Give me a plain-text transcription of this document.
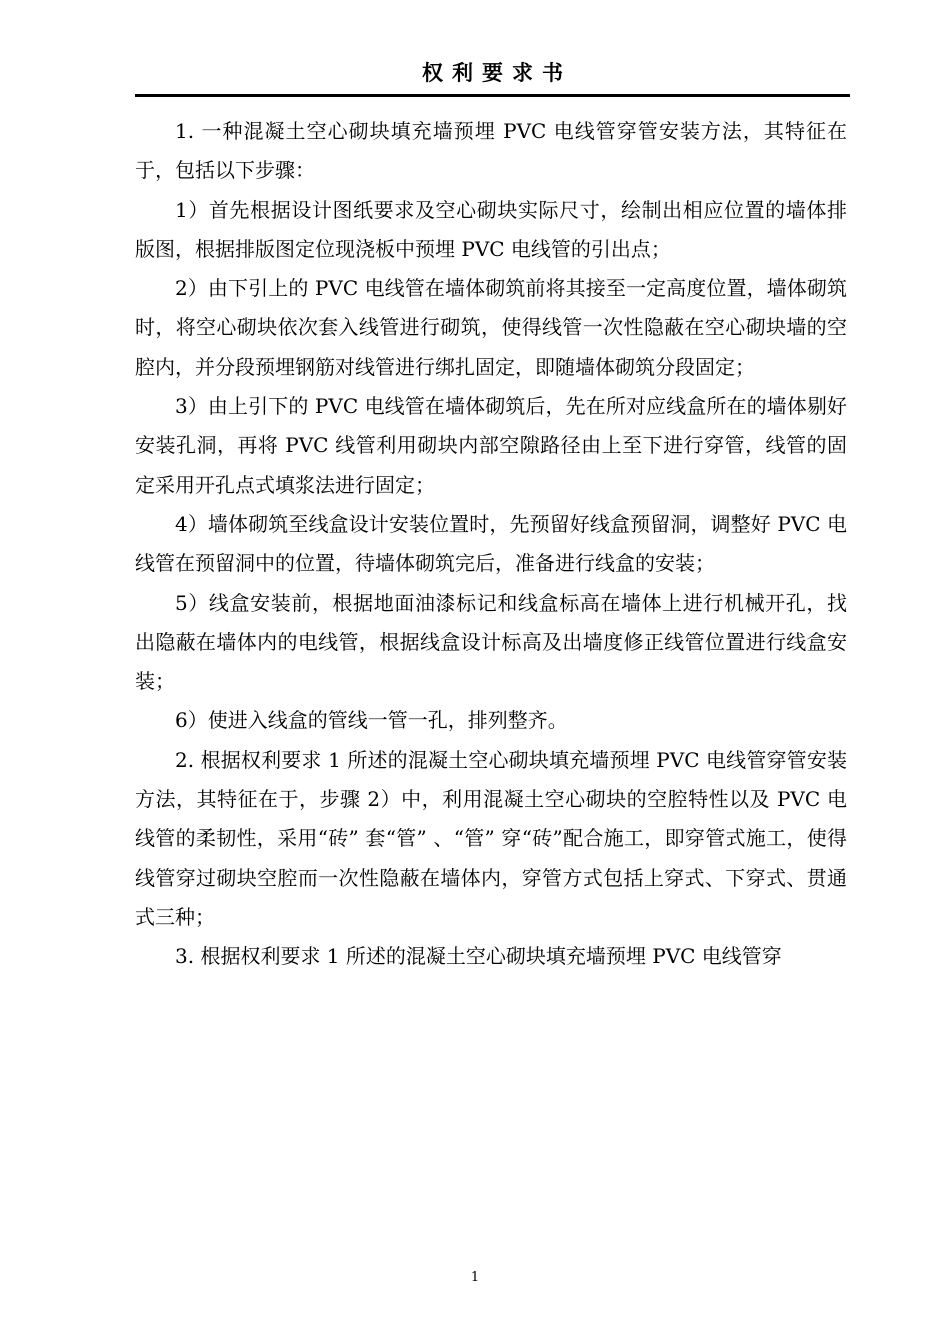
权利要求书

1. 一种混凝土空心砌块填充墙预埋 PVC 电线管穿管安装方法，其特征在于，包括以下步骤：

1）首先根据设计图纸要求及空心砌块实际尺寸，绘制出相应位置的墙体排版图，根据排版图定位现浇板中预埋 PVC 电线管的引出点；

2）由下引上的 PVC 电线管在墙体砌筑前将其接至一定高度位置，墙体砌筑时，将空心砌块依次套入线管进行砌筑，使得线管一次性隐蔽在空心砌块墙的空腔内，并分段预埋钢筋对线管进行绑扎固定，即随墙体砌筑分段固定；

3）由上引下的 PVC 电线管在墙体砌筑后，先在所对应线盒所在的墙体剔好安装孔洞，再将 PVC 线管利用砌块内部空隙路径由上至下进行穿管，线管的固定采用开孔点式填浆法进行固定；

4）墙体砌筑至线盒设计安装位置时，先预留好线盒预留洞，调整好 PVC 电线管在预留洞中的位置，待墙体砌筑完后，准备进行线盒的安装；

5）线盒安装前，根据地面油漆标记和线盒标高在墙体上进行机械开孔，找出隐蔽在墙体内的电线管，根据线盒设计标高及出墙度修正线管位置进行线盒安装；

6）使进入线盒的管线一管一孔，排列整齐。

2. 根据权利要求 1 所述的混凝土空心砌块填充墙预埋 PVC 电线管穿管安装方法，其特征在于，步骤 2）中，利用混凝土空心砌块的空腔特性以及 PVC 电线管的柔韧性，采用“砖” 套“管” 、“管” 穿“砖”配合施工，即穿管式施工，使得线管穿过砌块空腔而一次性隐蔽在墙体内，穿管方式包括上穿式、下穿式、贯通式三种；

3. 根据权利要求 1 所述的混凝土空心砌块填充墙预埋 PVC 电线管穿

1
